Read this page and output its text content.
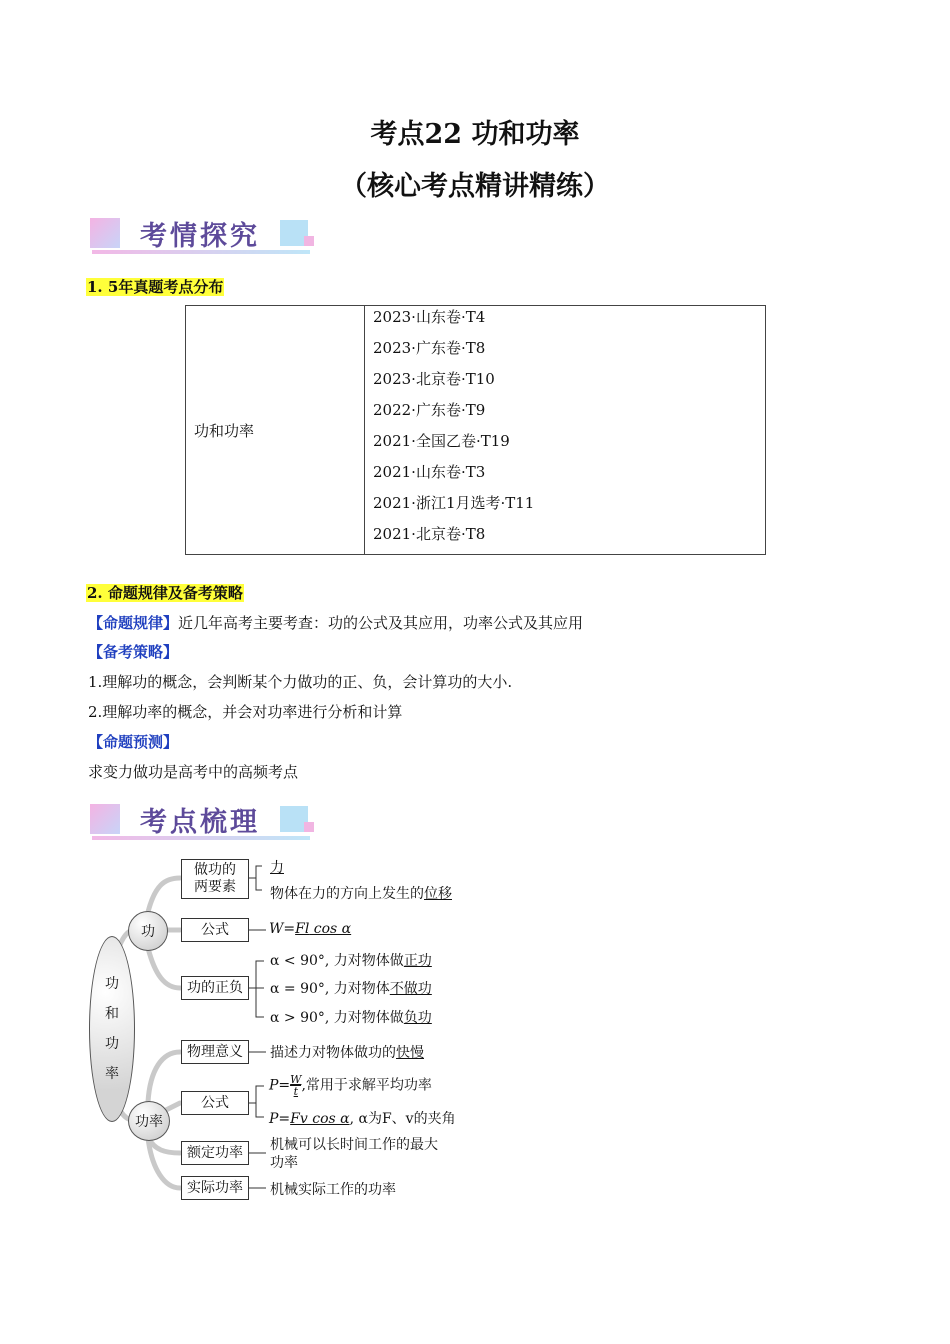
考点22 功和功率
（核心考点精讲精练）
考情探究
1. 5年真题考点分布
功和功率	
2023·山东卷·T4
2023·广东卷·T8
2023·北京卷·T10
2022·广东卷·T9
2021·全国乙卷·T19
2021·山东卷·T3
2021·浙江1月选考·T11
2021·北京卷·T8
2. 命题规律及备考策略
【命题规律】近几年高考主要考查：功的公式及其应用，功率公式及其应用
【备考策略】
1.理解功的概念，会判断某个力做功的正、负，会计算功的大小.
2.理解功率的概念，并会对功率进行分析和计算
【命题预测】
求变力做功是高考中的高频考点
考点梳理
功
和
功
率
功
功率
做功的
两要素
力
物体在力的方向上发生的位移
公式	W=Fl cos α
功的正负
α < 90°, 力对物体做正功
α = 90°, 力对物体不做功
α > 90°, 力对物体做负功
物理意义	描述力对物体做功的快慢
公式
$P= \frac{W}{t}$ ,常用于求解平均功率
P=Fv cos α, α为F、v的夹角
额定功率	机械可以长时间工作的最大
功率
实际功率	机械实际工作的功率
